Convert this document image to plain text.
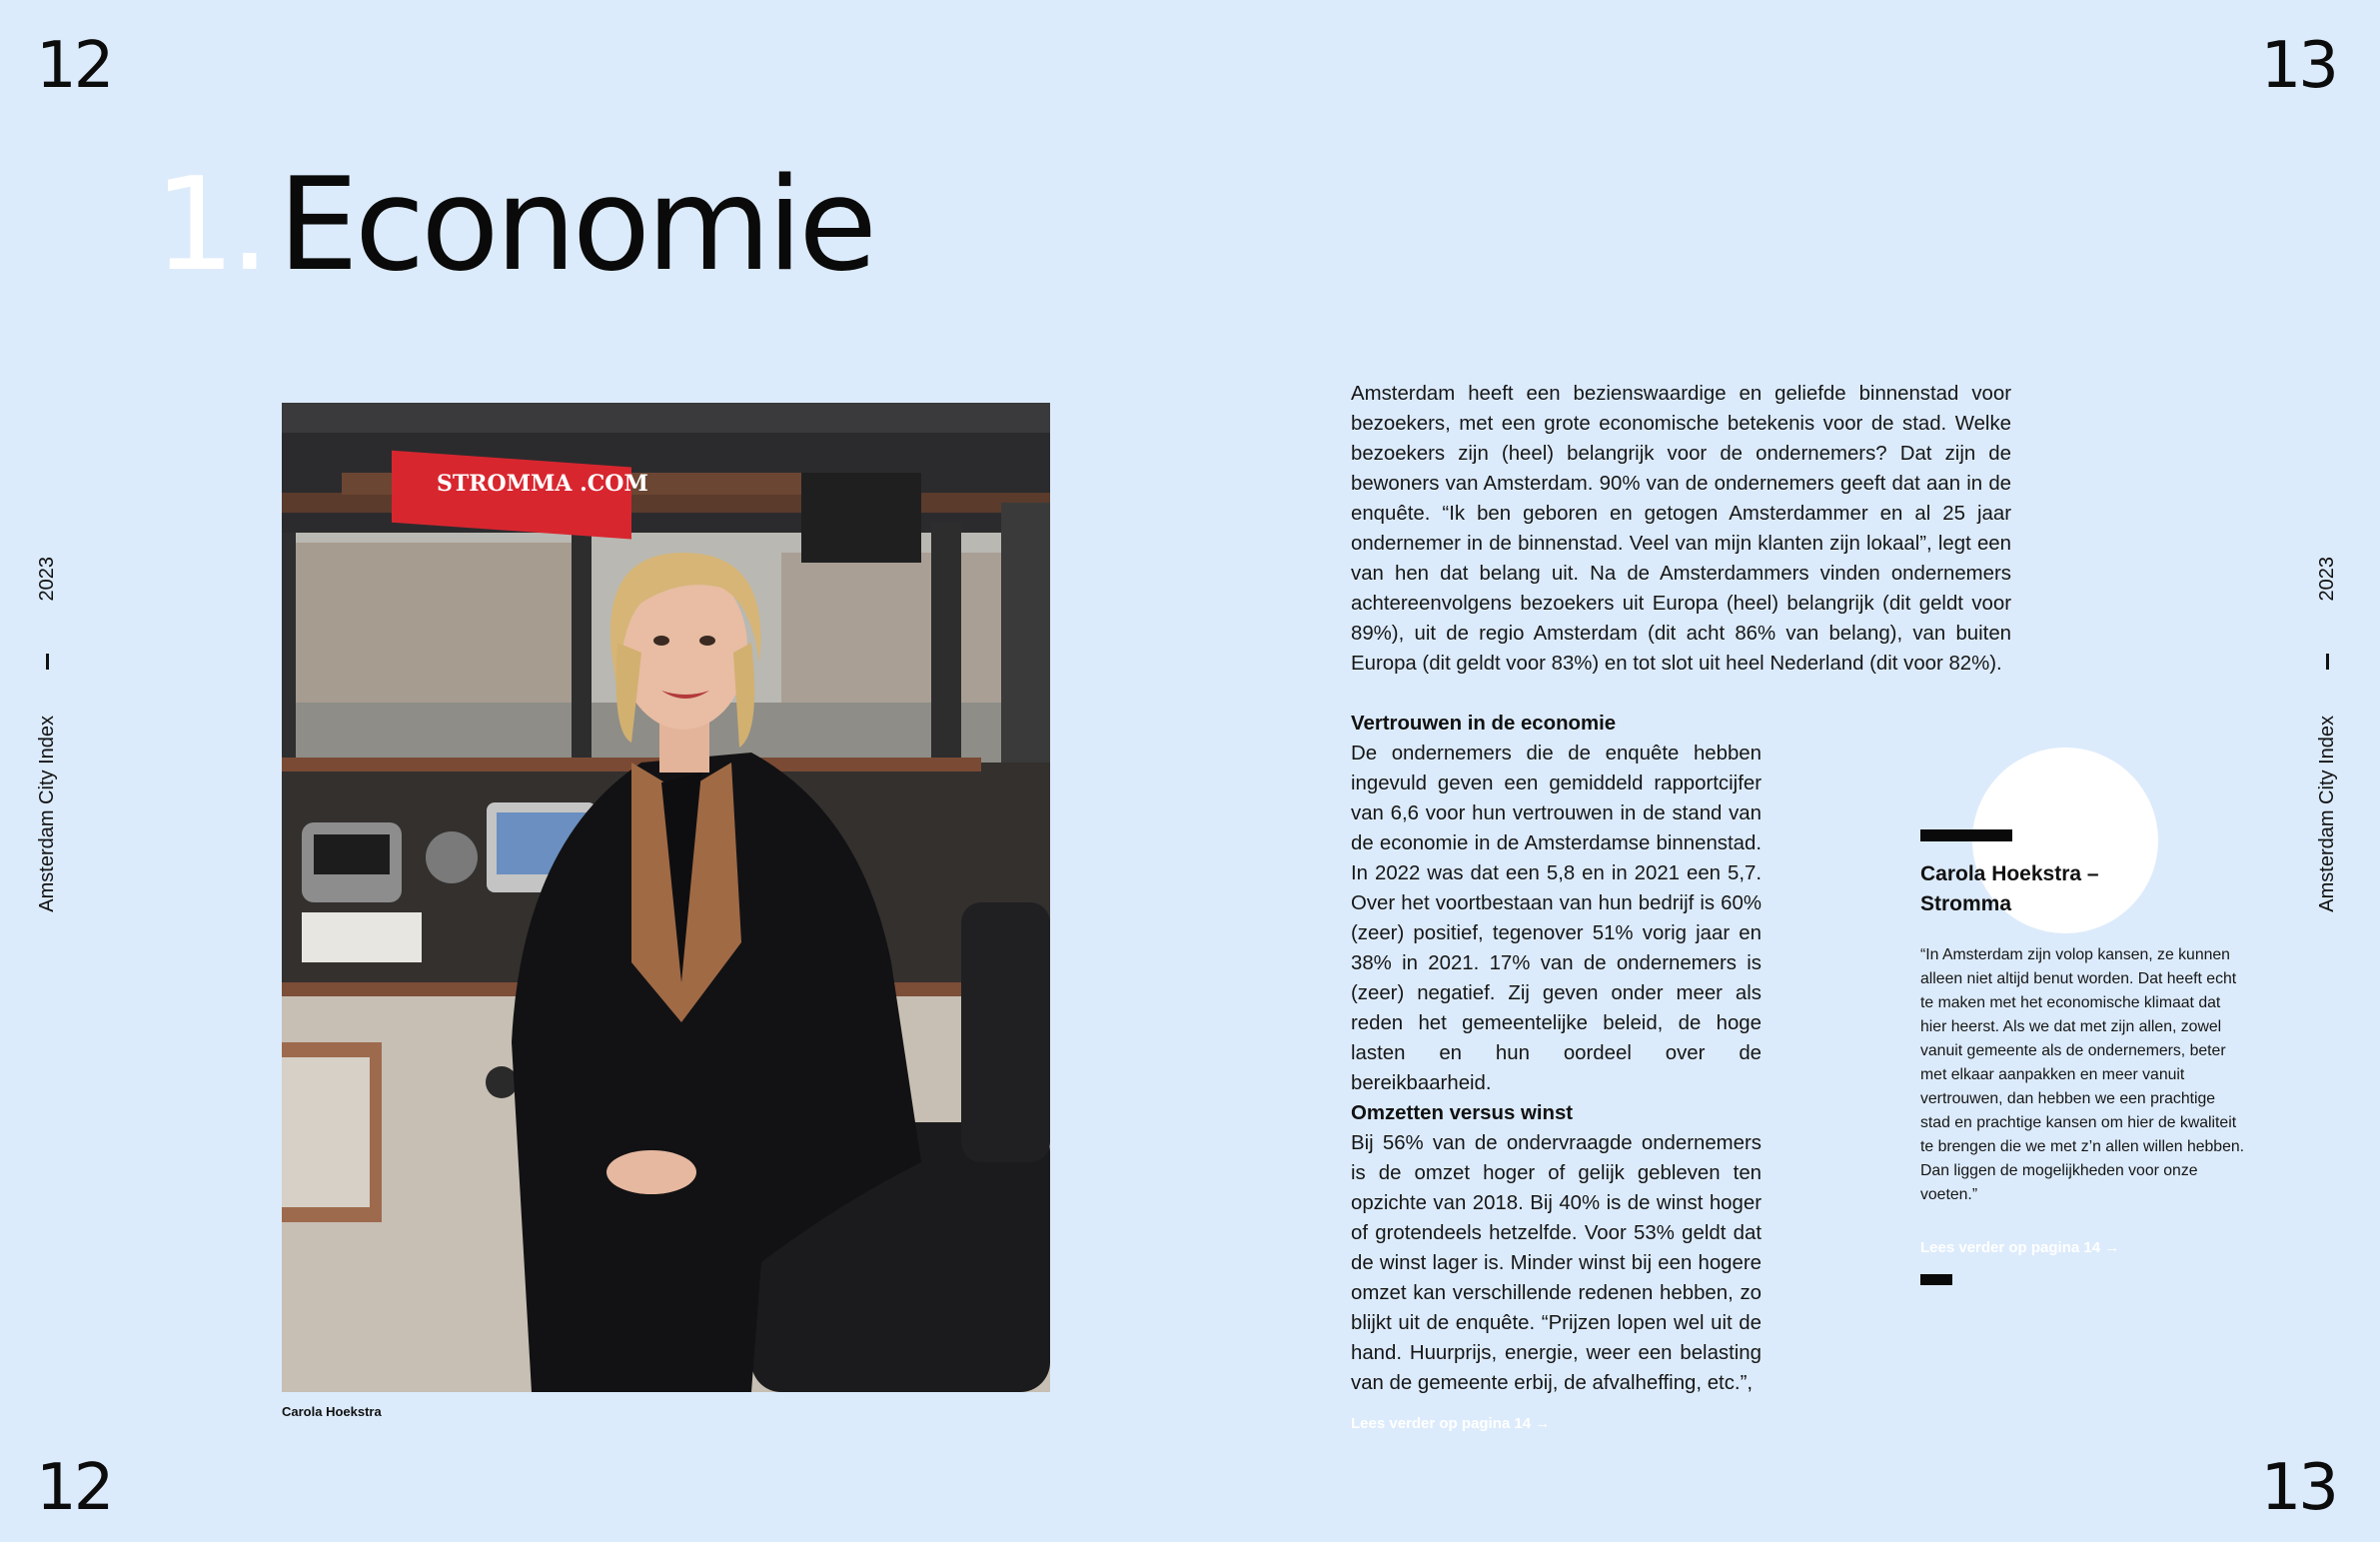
12	13
12	13
2023
Amsterdam City Index
2023
Amsterdam City Index
1. Economie
STROMMA .COM
Carola Hoekstra
Amsterdam heeft een bezienswaardige en geliefde binnenstad voor bezoekers, met een grote economische betekenis voor de stad. Welke bezoekers zijn (heel) belangrijk voor de ondernemers? Dat zijn de bewoners van Amsterdam. 90% van de ondernemers geeft dat aan in de enquête. “Ik ben geboren en getogen Amsterdammer en al 25 jaar ondernemer in de binnenstad. Veel van mijn klanten zijn lokaal”, legt een van hen dat belang uit. Na de Amsterdammers vinden ondernemers achtereenvolgens bezoekers uit Europa (heel) belangrijk (dit geldt voor 89%), uit de regio Amsterdam (dit acht 86% van belang), van buiten Europa (dit geldt voor 83%) en tot slot uit heel Nederland (dit voor 82%).
Vertrouwen in de economie
De ondernemers die de enquête hebben ingevuld geven een gemiddeld rapportcijfer van 6,6 voor hun vertrouwen in de stand van de economie in de Amsterdamse binnenstad. In 2022 was dat een 5,8 en in 2021 een 5,7. Over het voortbestaan van hun bedrijf is 60% (zeer) positief, tegenover 51% vorig jaar en 38% in 2021. 17% van de ondernemers is (zeer) negatief. Zij geven onder meer als reden het gemeentelijke beleid, de hoge lasten en hun oordeel over de bereikbaarheid.
Omzetten versus winst
Bij 56% van de ondervraagde ondernemers is de omzet hoger of gelijk gebleven ten opzichte van 2018. Bij 40% is de winst hoger of grotendeels hetzelfde. Voor 53% geldt dat de winst lager is. Minder winst bij een hogere omzet kan verschillende redenen hebben, zo blijkt uit de enquête. “Prijzen lopen wel uit de hand. Huurprijs, energie, weer een belasting van de gemeente erbij, de afvalheffing, etc.”,
Lees verder op pagina 14 →
Carola Hoekstra – Stromma
“In Amsterdam zijn volop kansen, ze kunnen alleen niet altijd benut worden. Dat heeft echt te maken met het economische klimaat dat hier heerst. Als we dat met zijn allen, zowel vanuit gemeente als de ondernemers, beter met elkaar aanpakken en meer vanuit vertrouwen, dan hebben we een prachtige stad en prachtige kansen om hier de kwaliteit te brengen die we met z’n allen willen hebben. Dan liggen de mogelijkheden voor onze voeten.”
Lees verder op pagina 14 →
